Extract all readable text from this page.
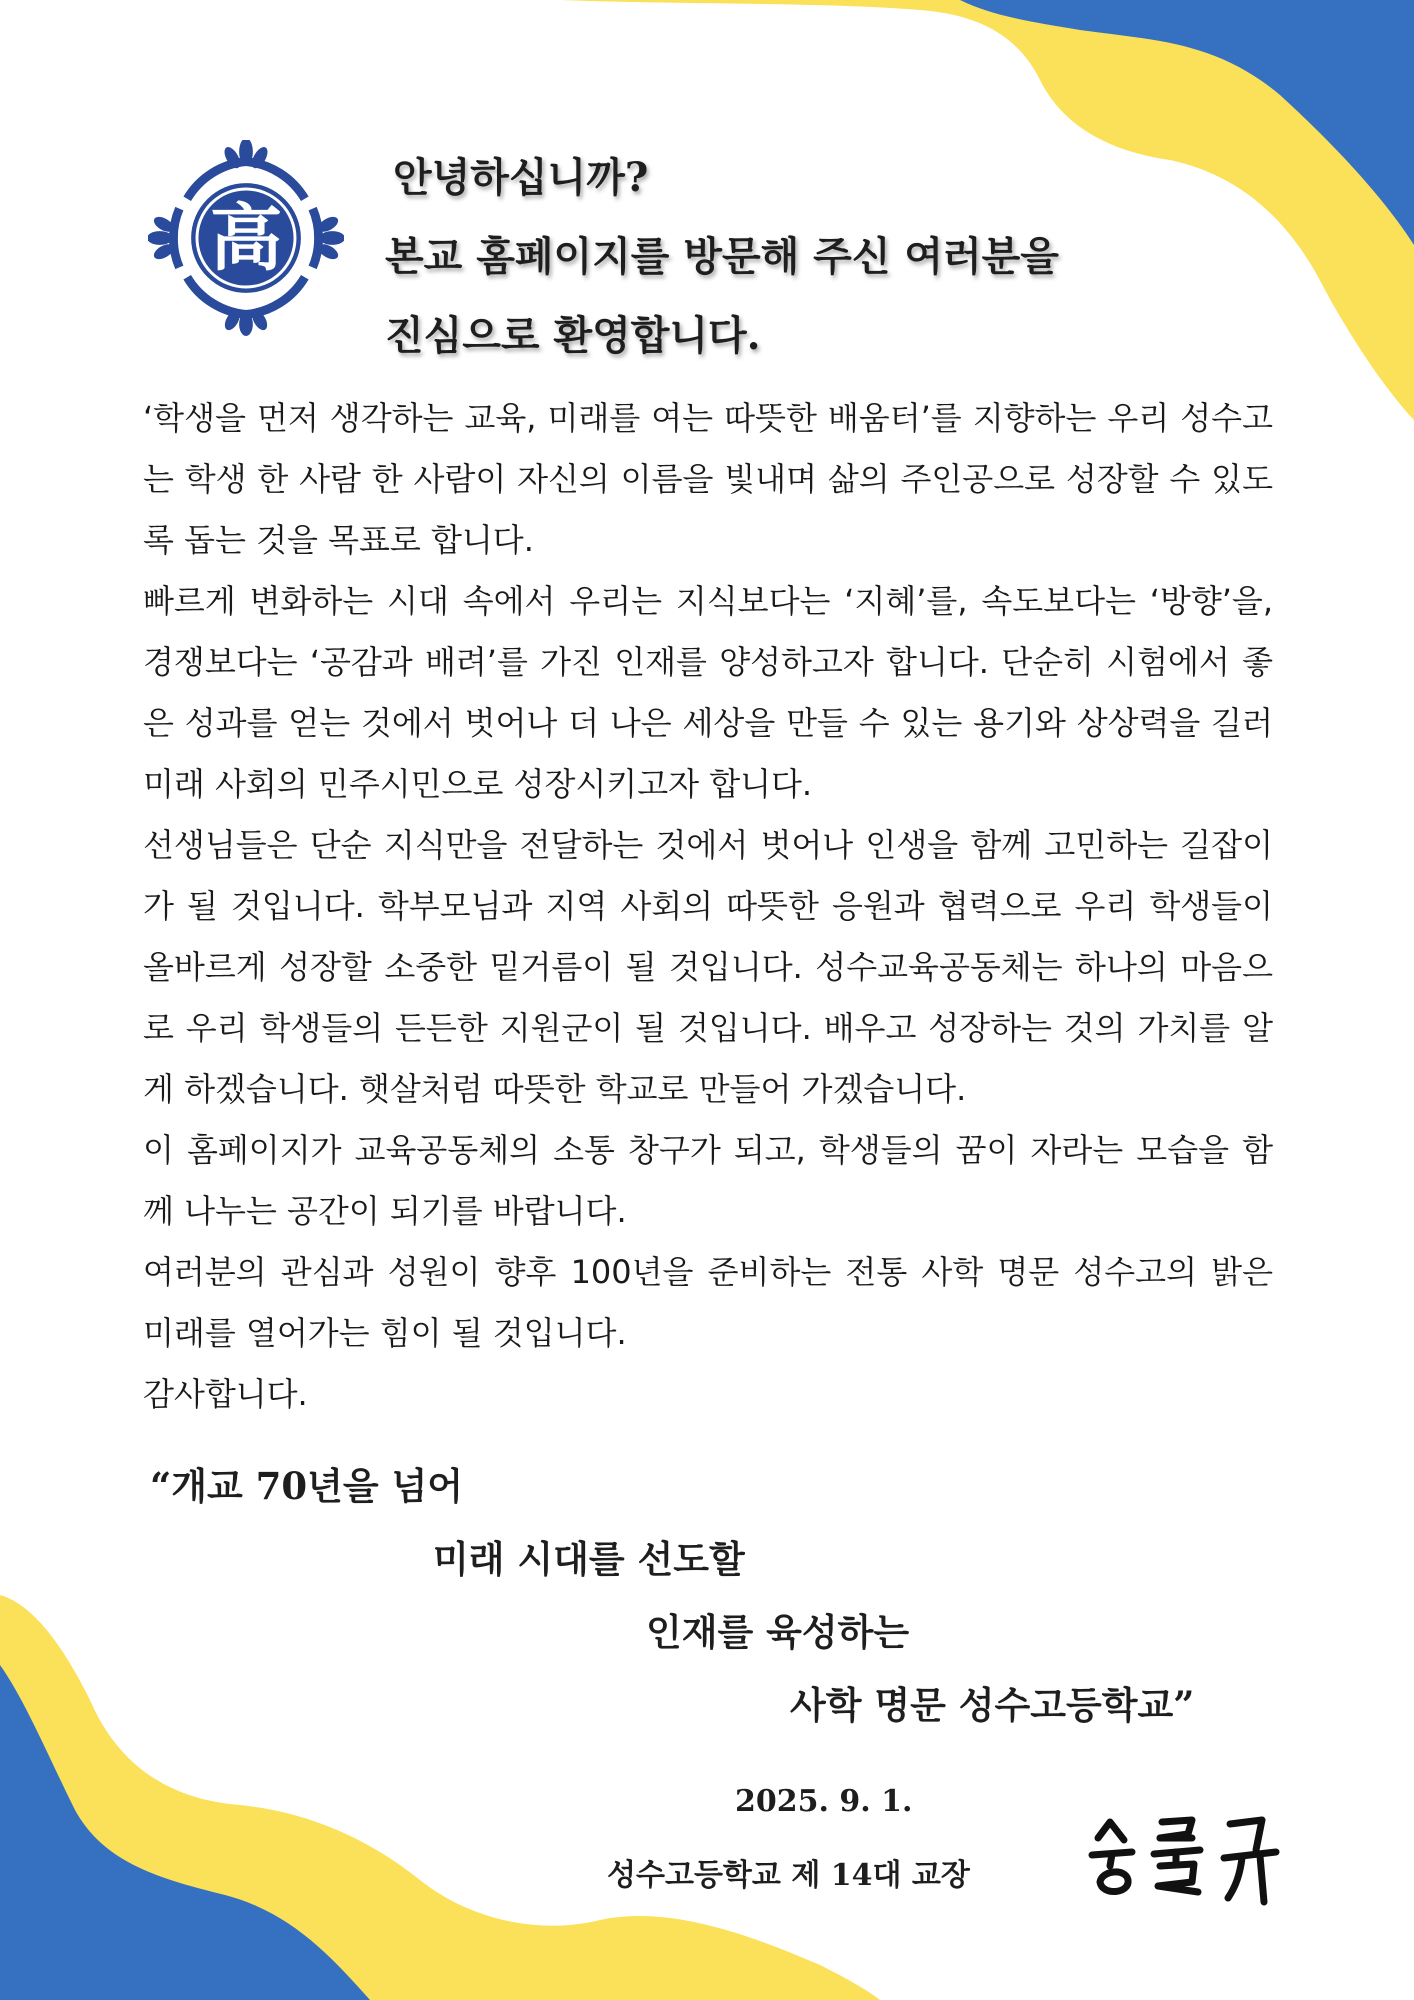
高
안녕하십니까?
본교 홈페이지를 방문해 주신 여러분을
진심으로 환영합니다.

‘학생을 먼저 생각하는 교육, 미래를 여는 따뜻한 배움터’를 지향하는 우리 성수고는 학생 한 사람 한 사람이 자신의 이름을 빛내며 삶의 주인공으로 성장할 수 있도록 돕는 것을 목표로 합니다.

빠르게 변화하는 시대 속에서 우리는 지식보다는 ‘지혜’를, 속도보다는 ‘방향’을, 경쟁보다는 ‘공감과 배려’를 가진 인재를 양성하고자 합니다. 단순히 시험에서 좋은 성과를 얻는 것에서 벗어나 더 나은 세상을 만들 수 있는 용기와 상상력을 길러 미래 사회의 민주시민으로 성장시키고자 합니다.

선생님들은 단순 지식만을 전달하는 것에서 벗어나 인생을 함께 고민하는 길잡이가 될 것입니다. 학부모님과 지역 사회의 따뜻한 응원과 협력으로 우리 학생들이 올바르게 성장할 소중한 밑거름이 될 것입니다. 성수교육공동체는 하나의 마음으로 우리 학생들의 든든한 지원군이 될 것입니다. 배우고 성장하는 것의 가치를 알게 하겠습니다. 햇살처럼 따뜻한 학교로 만들어 가겠습니다.

이 홈페이지가 교육공동체의 소통 창구가 되고, 학생들의 꿈이 자라는 모습을 함께 나누는 공간이 되기를 바랍니다.

여러분의 관심과 성원이 향후 100년을 준비하는 전통 사학 명문 성수고의 밝은 미래를 열어가는 힘이 될 것입니다.

감사합니다.

“개교 70년을 넘어
미래 시대를 선도할
인재를 육성하는
사학 명문 성수고등학교”
2025. 9. 1.
성수고등학교 제 14대 교장
